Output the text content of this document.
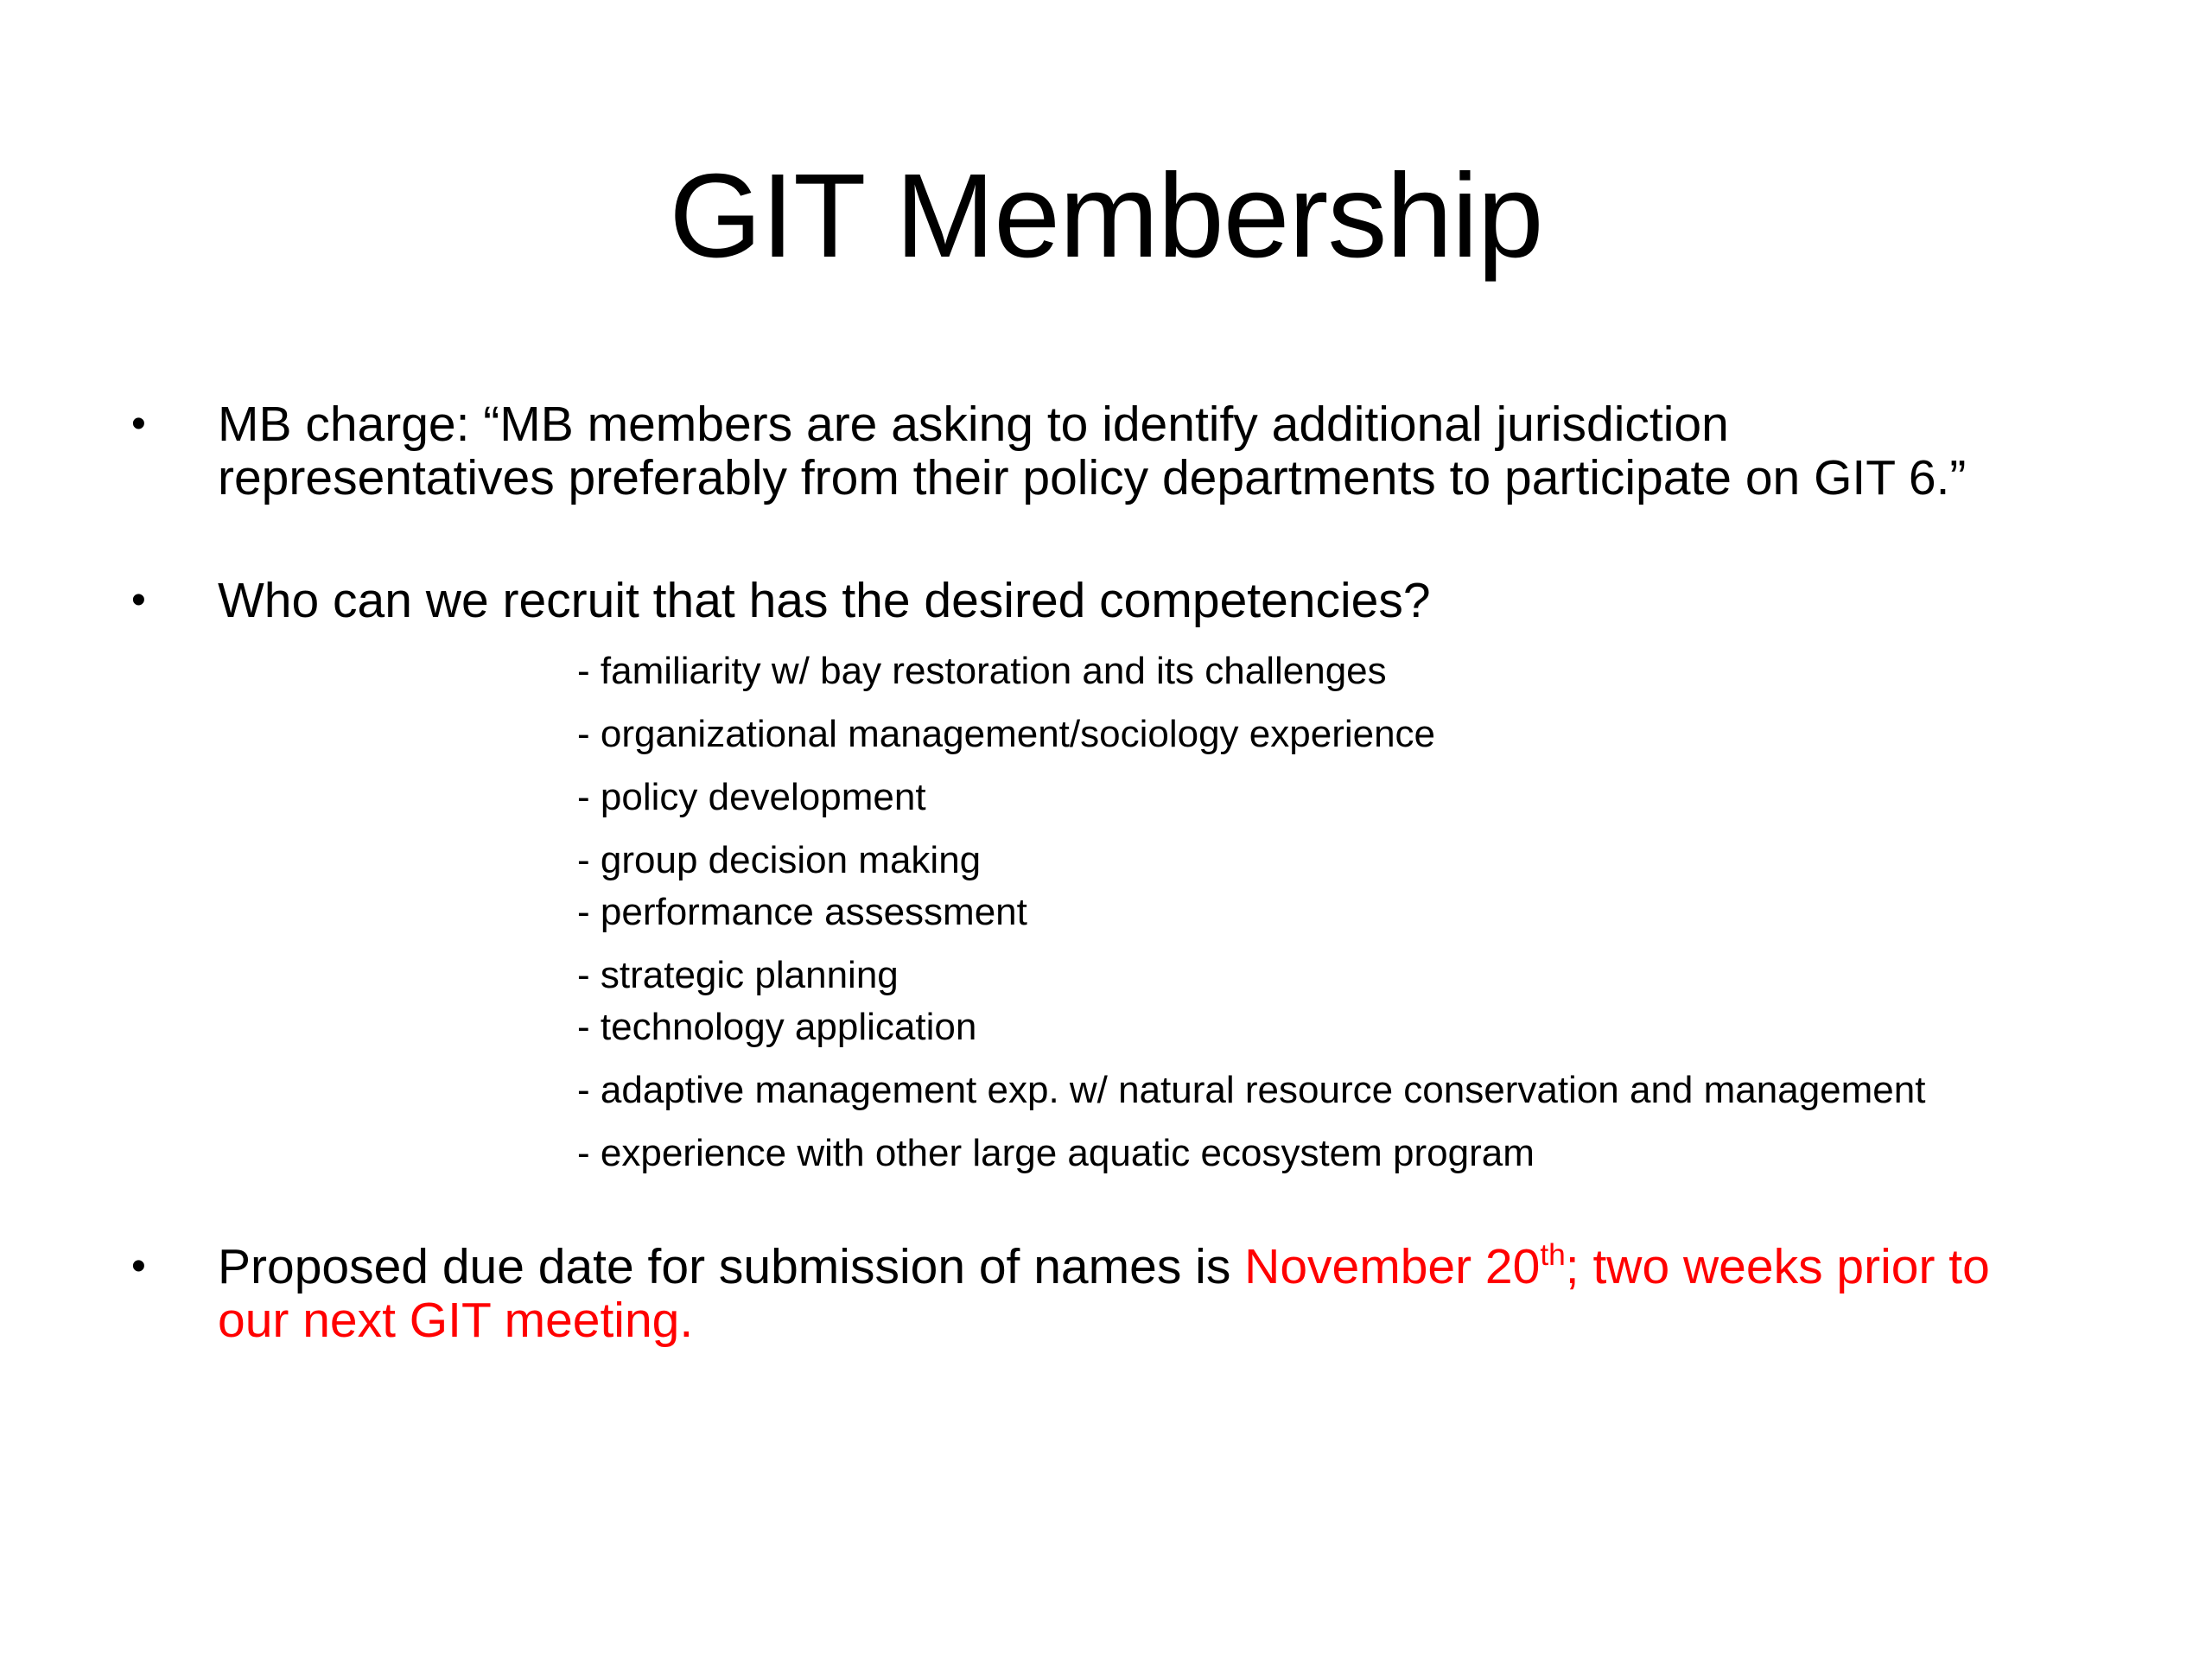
GIT Membership
• MB charge: “MB members are asking to identify additional jurisdiction
representatives preferably from their policy departments to participate on GIT 6.”
• Who can we recruit that has the desired competencies?
- familiarity w/ bay restoration and its challenges
- organizational management/sociology experience
- policy development
- group decision making
- performance assessment
- strategic planning
- technology application
- adaptive management exp. w/ natural resource conservation and management
- experience with other large aquatic ecosystem program
• Proposed due date for submission of names is November 20th; two weeks prior to
our next GIT meeting.
